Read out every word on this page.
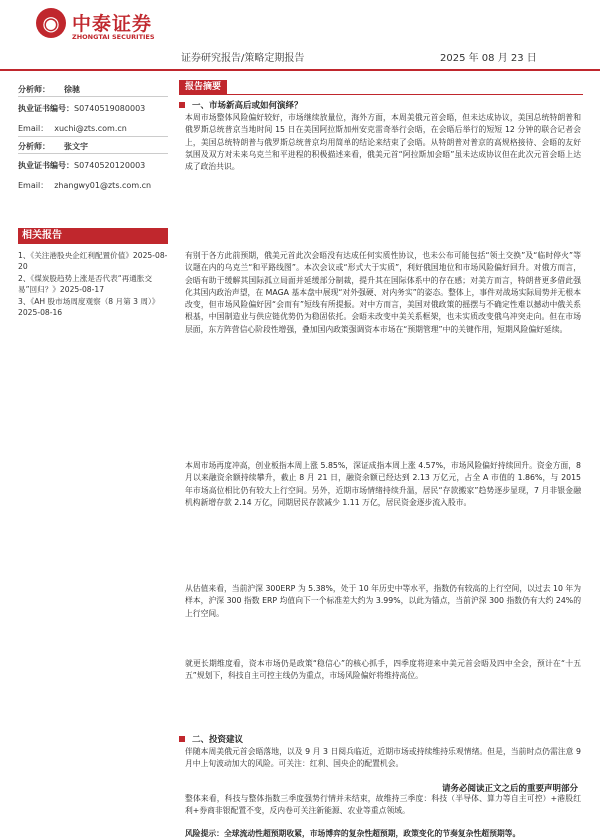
◉ 中泰证券
ZHONGTAI SECURITIES
证券研究报告/策略定期报告	2025 年 08 月 23 日
分析师： 徐驰
执业证书编号：S0740519080003
Email： xuchi@zts.com.cn
分析师： 张文宇
执业证书编号：S0740520120003
Email： zhangwy01@zts.com.cn
相关报告
1、《关注港股央企红利配置价值》2025-08-20
2、《煤炭股趋势上涨是否代表“再通胀交易”回归？》2025-08-17
3、《AH 股市场周度观察（8 月第 3 周）》2025-08-16
报告摘要
一、市场新高后或如何演绎？

本周市场整体风险偏好较好，市场继续放量位，海外方面，本周美俄元首会晤，但未达成协议，美国总统特朗普和俄罗斯总统普京当地时间 15 日在美国阿拉斯加州安克雷奇举行会晤，在会晤后举行的短短 12 分钟的联合记者会上，美国总统特朗普与俄罗斯总统普京均用简单的结论来结束了会晤。从特朗普对普京的高规格接待、会晤的友好氛围及双方对未来乌克兰和平进程的积极描述来看，俄美元首“阿拉斯加会晤”虽未达成协议但在此次元首会晤上达成了政治共识。

有别于各方此前预期，俄美元首此次会晤没有达成任何实质性协议，也未公布可能包括“领土交换”及“临时停火”等议题在内的乌克兰“和平路线图”。本次会议或“形式大于实质”，利好俄国地位和市场风险偏好回升。对俄方而言，会晤有助于缓解其国际孤立局面并延缓部分制裁，提升其在国际体系中的存在感；对美方而言，特朗普更多借此强化其国内政治声望，在 MAGA 基本盘中展现“对外强硬、对内务实”的姿态。整体上，事件对战场实际局势并无根本改变，但市场风险偏好因“会而有”短线有所提振。对中方而言，美国对俄政策的摇摆与不确定性难以撼动中俄关系根基，中国制造业与供应链优势仍为稳固依托。会晤未改变中美关系框架，也未实质改变俄乌冲突走向。但在市场层面，东方阵营信心阶段性增强，叠加国内政策强调资本市场在“预期管理”中的关键作用，短期风险偏好延续。

本周市场再度冲高，创业板指本周上涨 5.85%，深证成指本周上涨 4.57%，市场风险偏好持续回升。资金方面，8 月以来融资余额持续攀升，截止 8 月 21 日，融资余额已经达到 2.13 万亿元，占全 A 市值的 1.86%，与 2015 年市场高位相比仍有较大上行空间。另外，近期市场情绪持续升温，居民“存款搬家”趋势逐步显现，7 月非银金融机构新增存款 2.14 万亿，同期居民存款减少 1.11 万亿，居民资金逐步流入股市。

从估值来看，当前沪深 300ERP 为 5.38%，处于 10 年历史中等水平，指数仍有较高的上行空间，以过去 10 年为样本，沪深 300 指数 ERP 均值向下一个标准差大约为 3.99%，以此为锚点，当前沪深 300 指数仍有大约 24%的上行空间。

就更长期维度看，资本市场仍是政策“稳信心”的核心抓手，四季度将迎来中美元首会晤及四中全会，预计在“十五五”规划下，科技自主可控主线仍为重点，市场风险偏好将维持高位。

二、投资建议

伴随本周美俄元首会晤落地，以及 9 月 3 日阅兵临近，近期市场或持续维持乐观情绪。但是，当前时点仍需注意 9 月中上旬波动加大的风险。可关注：红利、国央企的配置机会。

整体来看，科技与整体指数三季度强势行情并未结束，故维持三季度：科技（半导体、算力等自主可控）+港股红利+券商非银配置不变，反内卷可关注新能源、农业等重点领域。

风险提示：全球流动性超预期收紧，市场博弈的复杂性超预期，政策变化的节奏复杂性超预期等。

请务必阅读正文之后的重要声明部分
